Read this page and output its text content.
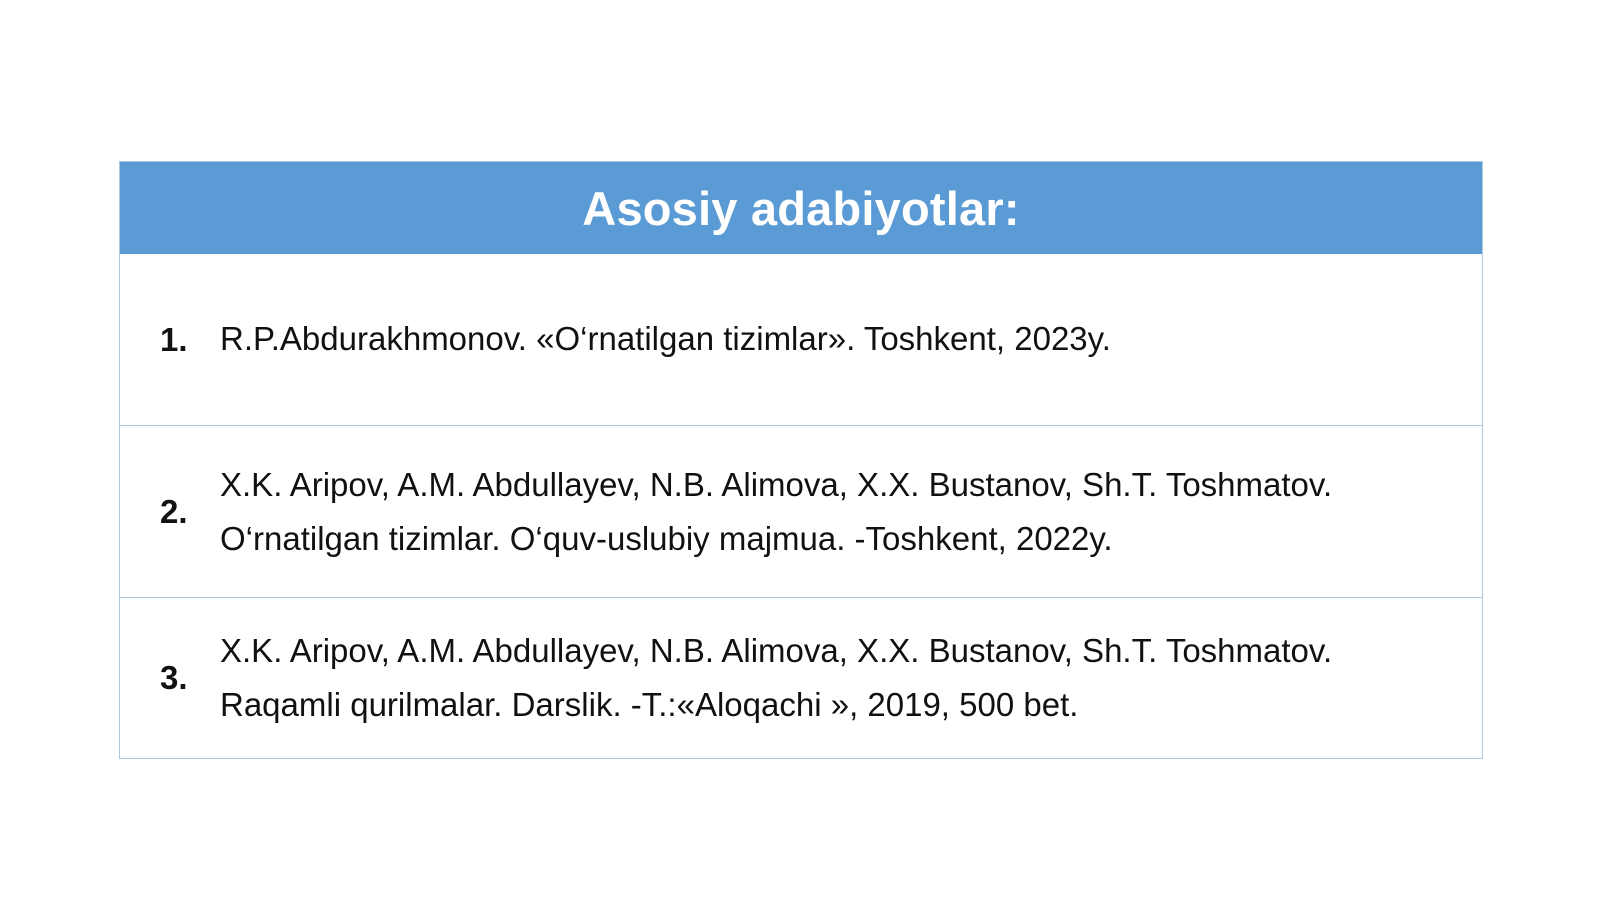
Asosiy adabiyotlar:
1. R.P.Abdurakhmonov. «O‘rnatilgan tizimlar». Toshkent, 2023y.
2.
X.K. Aripov, A.M. Abdullayev, N.B. Alimova, X.X. Bustanov, Sh.T. Toshmatov.
O‘rnatilgan tizimlar. O‘quv-uslubiy majmua. -Toshkent, 2022y.
3.
X.K. Aripov, A.M. Abdullayev, N.B. Alimova, X.X. Bustanov, Sh.T. Toshmatov.
Raqamli qurilmalar. Darslik. -T.:«Aloqachi », 2019, 500 bet.
